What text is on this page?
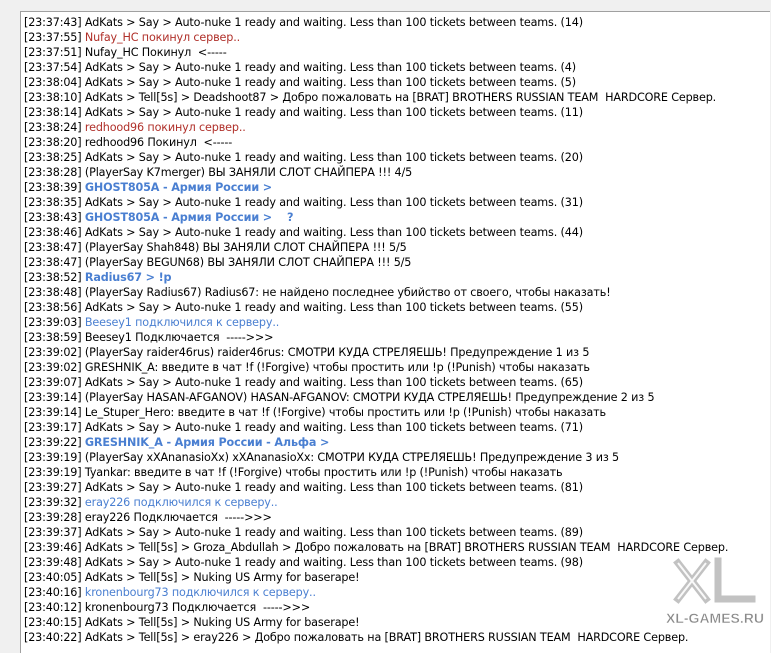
[23:37:43] AdKats > Say > Auto-nuke 1 ready and waiting. Less than 100 tickets between teams. (14)
[23:37:55] Nufay_HC покинул сервер..
[23:37:51] Nufay_HC Покинул  <-----
[23:37:54] AdKats > Say > Auto-nuke 1 ready and waiting. Less than 100 tickets between teams. (4)
[23:38:04] AdKats > Say > Auto-nuke 1 ready and waiting. Less than 100 tickets between teams. (5)
[23:38:10] AdKats > Tell[5s] > Deadshoot87 > Добро пожаловать на [BRAT] BROTHERS RUSSIAN TEAM  HARDCORE Сервер.
[23:38:14] AdKats > Say > Auto-nuke 1 ready and waiting. Less than 100 tickets between teams. (11)
[23:38:24] redhood96 покинул сервер..
[23:38:20] redhood96 Покинул  <-----
[23:38:25] AdKats > Say > Auto-nuke 1 ready and waiting. Less than 100 tickets between teams. (20)
[23:38:28] (PlayerSay K7merger) ВЫ ЗАНЯЛИ СЛОТ СНАЙПЕРА !!! 4/5
[23:38:39] GHOST805A - Армия России >
[23:38:35] AdKats > Say > Auto-nuke 1 ready and waiting. Less than 100 tickets between teams. (31)
[23:38:43] GHOST805A - Армия России >    ?
[23:38:46] AdKats > Say > Auto-nuke 1 ready and waiting. Less than 100 tickets between teams. (44)
[23:38:47] (PlayerSay Shah848) ВЫ ЗАНЯЛИ СЛОТ СНАЙПЕРА !!! 5/5
[23:38:47] (PlayerSay BEGUN68) ВЫ ЗАНЯЛИ СЛОТ СНАЙПЕРА !!! 5/5
[23:38:52] Radius67 > !p
[23:38:48] (PlayerSay Radius67) Radius67: не найдено последнее убийство от своего, чтобы наказать!
[23:38:56] AdKats > Say > Auto-nuke 1 ready and waiting. Less than 100 tickets between teams. (55)
[23:39:03] Beesey1 подключился к серверу..
[23:38:59] Beesey1 Подключается  ----->>>
[23:39:02] (PlayerSay raider46rus) raider46rus: СМОТРИ КУДА СТРЕЛЯЕШЬ! Предупреждение 1 из 5
[23:39:02] GRESHNIK_A: введите в чат !f (!Forgive) чтобы простить или !p (!Punish) чтобы наказать
[23:39:07] AdKats > Say > Auto-nuke 1 ready and waiting. Less than 100 tickets between teams. (65)
[23:39:14] (PlayerSay HASAN-AFGANOV) HASAN-AFGANOV: СМОТРИ КУДА СТРЕЛЯЕШЬ! Предупреждение 2 из 5
[23:39:14] Le_Stuper_Hero: введите в чат !f (!Forgive) чтобы простить или !p (!Punish) чтобы наказать
[23:39:17] AdKats > Say > Auto-nuke 1 ready and waiting. Less than 100 tickets between teams. (71)
[23:39:22] GRESHNIK_A - Армия России - Альфа >
[23:39:19] (PlayerSay xXAnanasioXx) xXAnanasioXx: СМОТРИ КУДА СТРЕЛЯЕШЬ! Предупреждение 3 из 5
[23:39:19] Tyankar: введите в чат !f (!Forgive) чтобы простить или !p (!Punish) чтобы наказать
[23:39:27] AdKats > Say > Auto-nuke 1 ready and waiting. Less than 100 tickets between teams. (81)
[23:39:32] eray226 подключился к серверу..
[23:39:28] eray226 Подключается  ----->>>
[23:39:37] AdKats > Say > Auto-nuke 1 ready and waiting. Less than 100 tickets between teams. (89)
[23:39:46] AdKats > Tell[5s] > Groza_Abdullah > Добро пожаловать на [BRAT] BROTHERS RUSSIAN TEAM  HARDCORE Сервер.
[23:39:48] AdKats > Say > Auto-nuke 1 ready and waiting. Less than 100 tickets between teams. (98)
[23:40:05] AdKats > Tell[5s] > Nuking US Army for baserape!
[23:40:16] kronenbourg73 подключился к серверу..
[23:40:12] kronenbourg73 Подключается  ----->>>
[23:40:15] AdKats > Tell[5s] > Nuking US Army for baserape!
[23:40:22] AdKats > Tell[5s] > eray226 > Добро пожаловать на [BRAT] BROTHERS RUSSIAN TEAM  HARDCORE Сервер.
XL-GAMES.RU
